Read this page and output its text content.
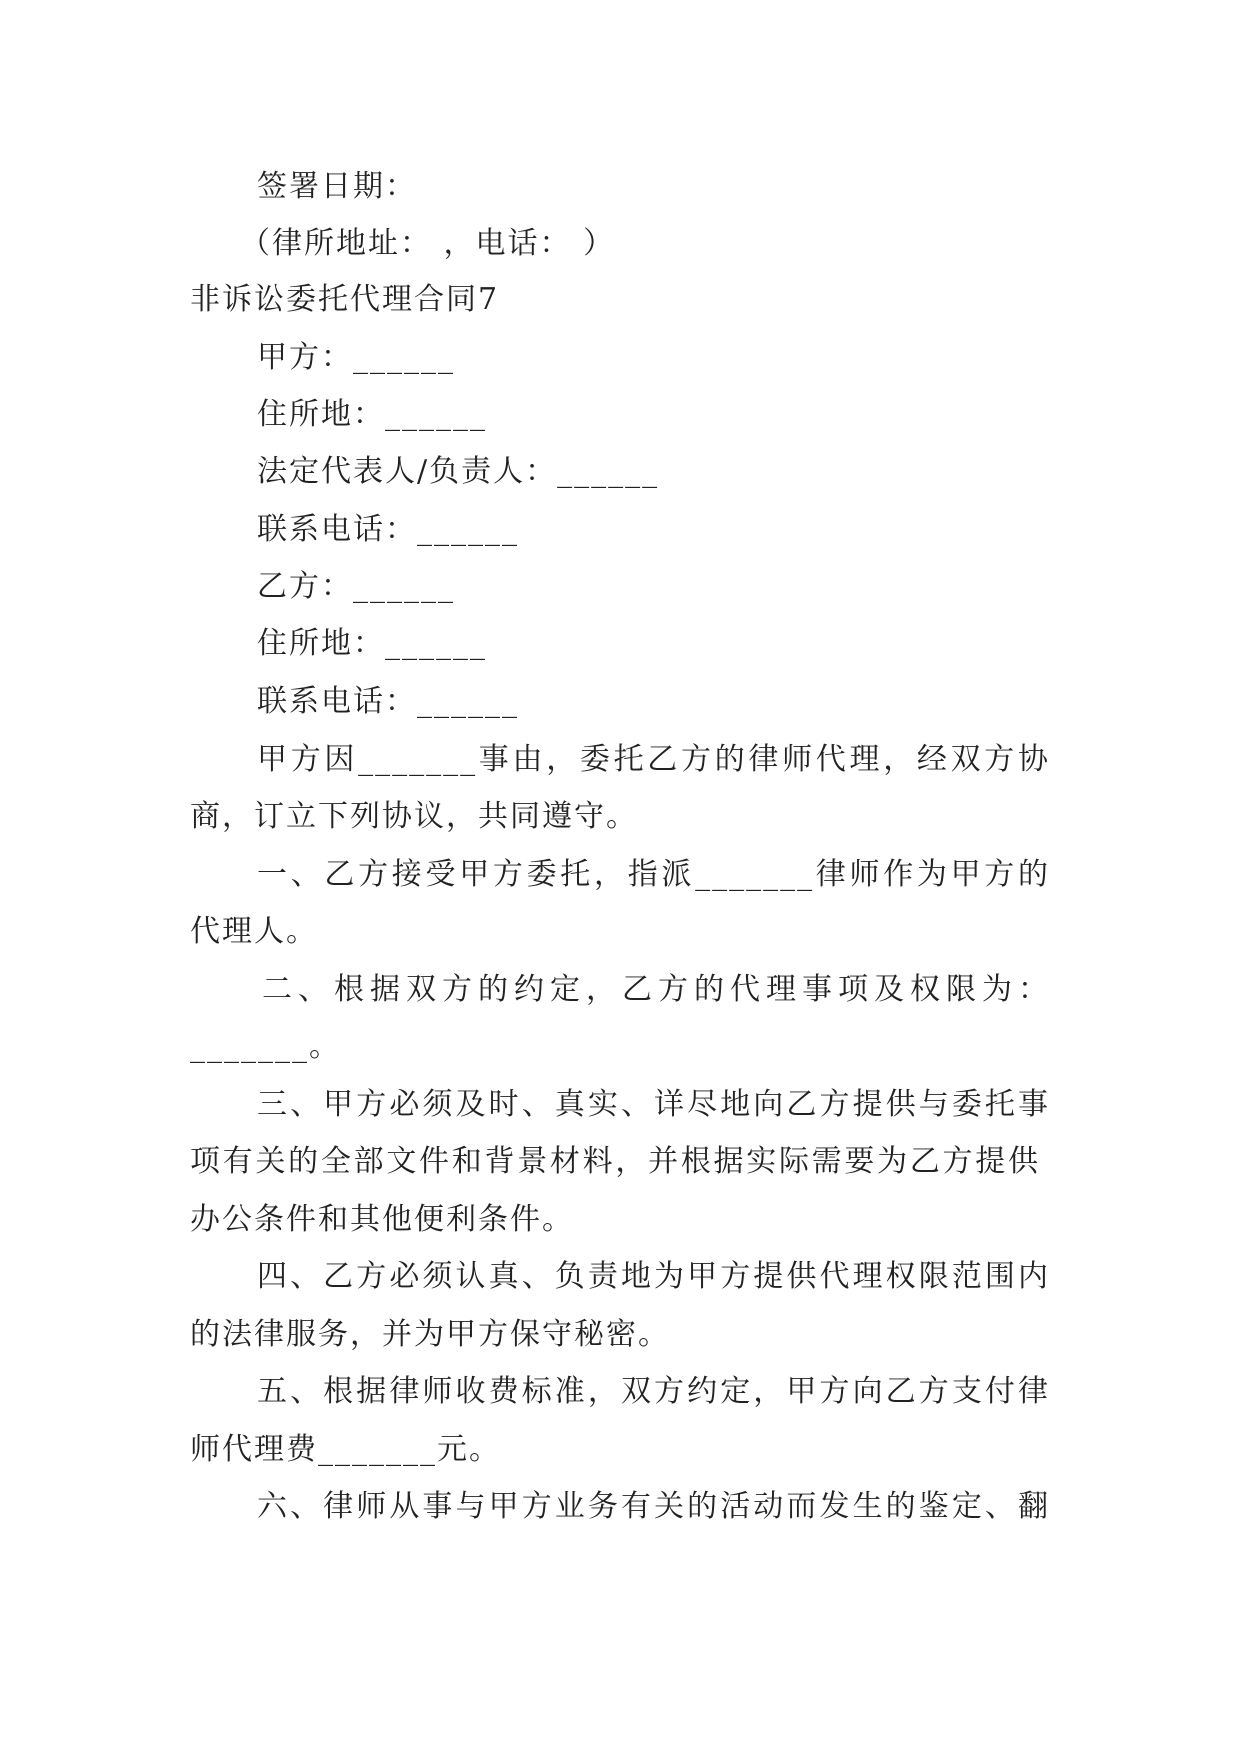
签署日期：

（律所地址： ，电话： ）

非诉讼委托代理合同7

甲方：______

住所地：______

法定代表人/负责人：______

联系电话：______

乙方：______

住所地：______

联系电话：______

甲方因_______事由，委托乙方的律师代理，经双方协

商，订立下列协议，共同遵守。

一、乙方接受甲方委托，指派_______律师作为甲方的

代理人。

二、根据双方的约定，乙方的代理事项及权限为：

_______。

三、甲方必须及时、真实、详尽地向乙方提供与委托事

项有关的全部文件和背景材料，并根据实际需要为乙方提供

办公条件和其他便利条件。

四、乙方必须认真、负责地为甲方提供代理权限范围内

的法律服务，并为甲方保守秘密。

五、根据律师收费标准，双方约定，甲方向乙方支付律

师代理费_______元。

六、律师从事与甲方业务有关的活动而发生的鉴定、翻
